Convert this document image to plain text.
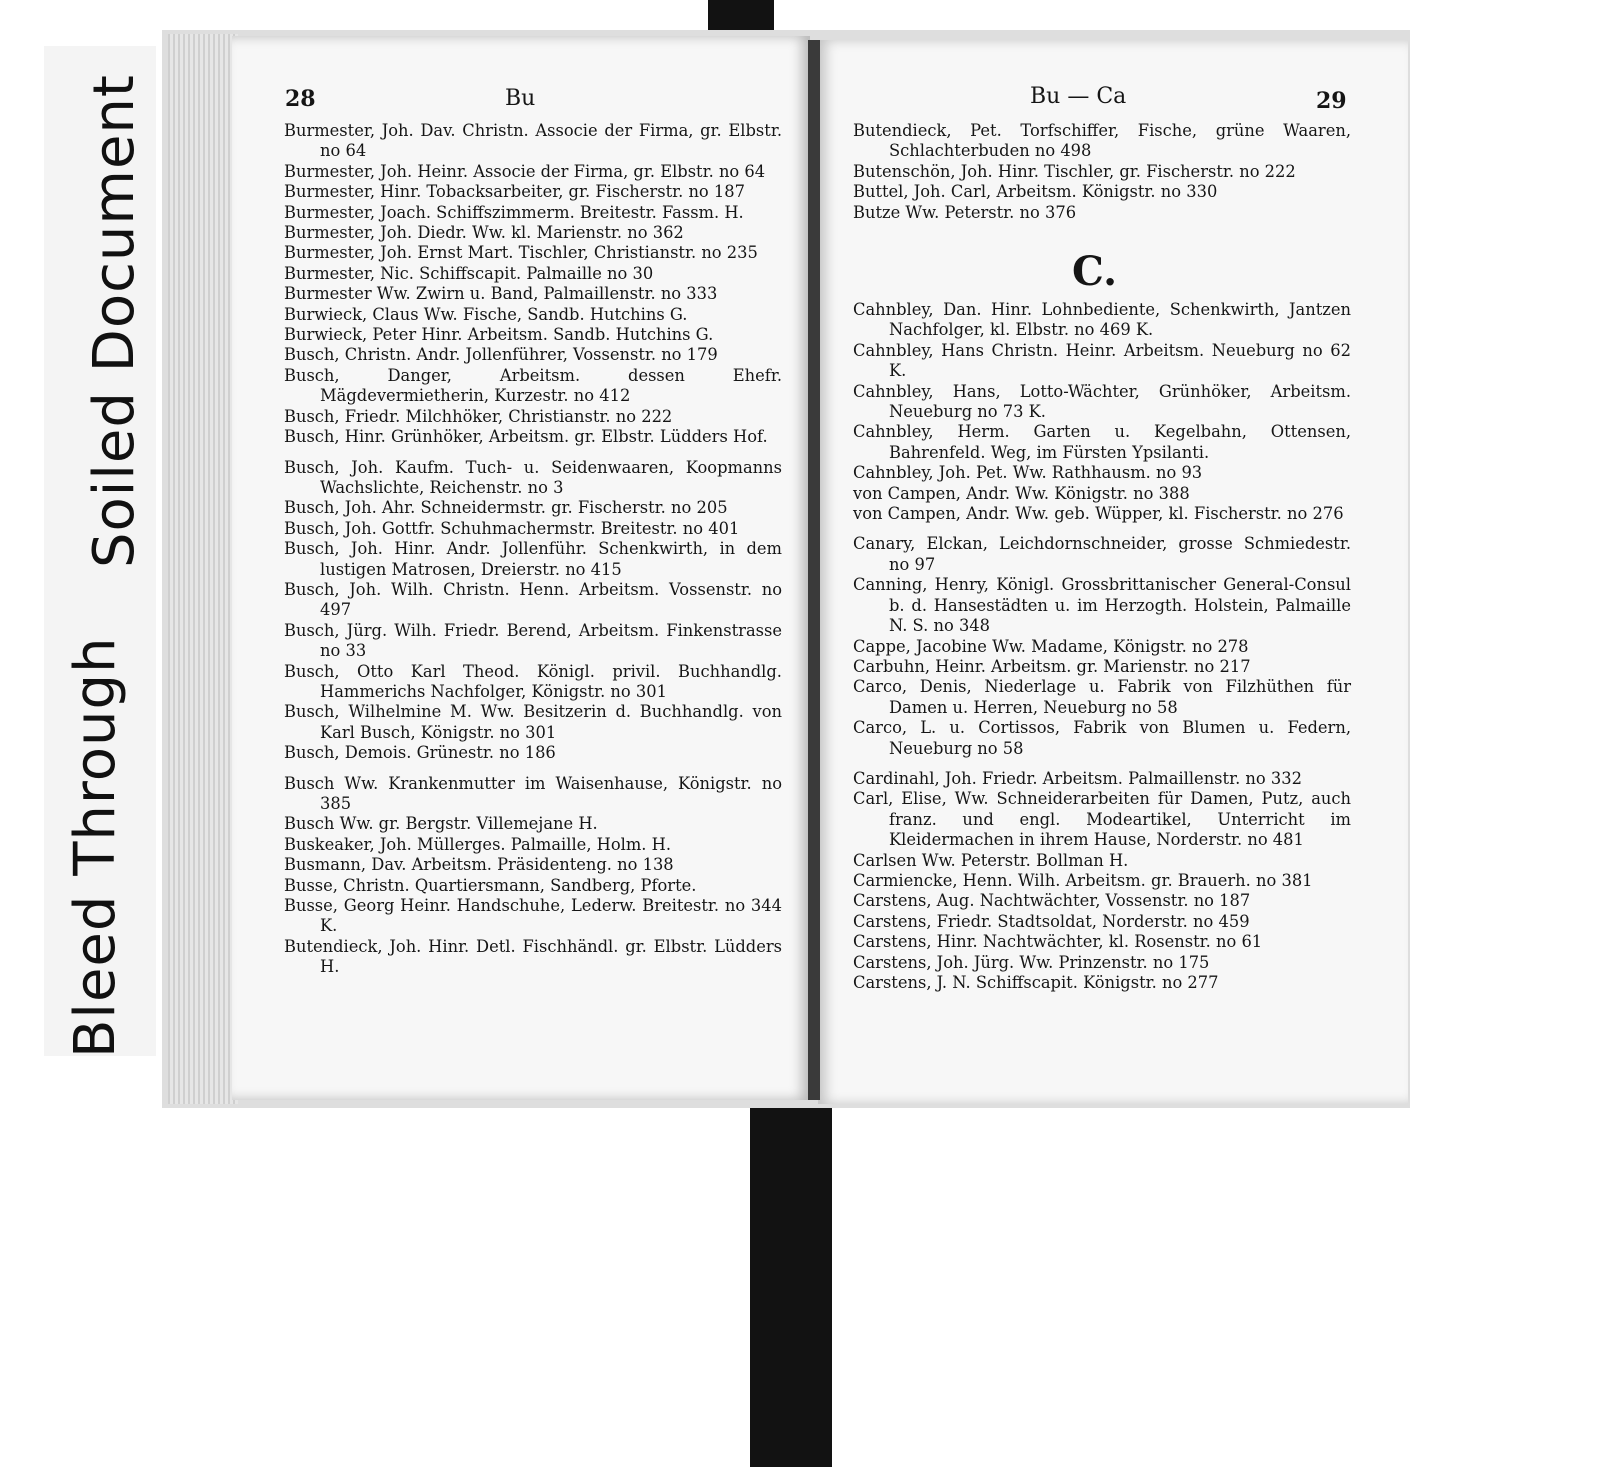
Bleed Through
Soiled Document	28	Bu	Bu — Ca	29
Burmester, Joh. Dav. Christn. Associe der Firma, gr. Elbstr. no 64
Burmester, Joh. Heinr. Associe der Firma, gr. Elbstr. no 64
Burmester, Hinr. Tobacksarbeiter, gr. Fischerstr. no 187
Burmester, Joach. Schiffszimmerm. Breitestr. Fassm. H.
Burmester, Joh. Diedr. Ww. kl. Marienstr. no 362
Burmester, Joh. Ernst Mart. Tischler, Christianstr. no 235
Burmester, Nic. Schiffscapit. Palmaille no 30
Burmester Ww. Zwirn u. Band, Palmaillenstr. no 333
Burwieck, Claus Ww. Fische, Sandb. Hutchins G.
Burwieck, Peter Hinr. Arbeitsm. Sandb. Hutchins G.
Busch, Christn. Andr. Jollenführer, Vossenstr. no 179
Busch, Danger, Arbeitsm. dessen Ehefr. Mägdevermietherin, Kurzestr. no 412
Busch, Friedr. Milchhöker, Christianstr. no 222
Busch, Hinr. Grünhöker, Arbeitsm. gr. Elbstr. Lüdders Hof.
Busch, Joh. Kaufm. Tuch- u. Seidenwaaren, Koopmanns Wachslichte, Reichenstr. no 3
Busch, Joh. Ahr. Schneidermstr. gr. Fischerstr. no 205
Busch, Joh. Gottfr. Schuhmachermstr. Breitestr. no 401
Busch, Joh. Hinr. Andr. Jollenführ. Schenkwirth, in dem lustigen Matrosen, Dreierstr. no 415
Busch, Joh. Wilh. Christn. Henn. Arbeitsm. Vossenstr. no 497
Busch, Jürg. Wilh. Friedr. Berend, Arbeitsm. Finkenstrasse no 33
Busch, Otto Karl Theod. Königl. privil. Buchhandlg. Hammerichs Nachfolger, Königstr. no 301
Busch, Wilhelmine M. Ww. Besitzerin d. Buchhandlg. von Karl Busch, Königstr. no 301
Busch, Demois. Grünestr. no 186
Busch Ww. Krankenmutter im Waisenhause, Königstr. no 385
Busch Ww. gr. Bergstr. Villemejane H.
Buskeaker, Joh. Müllerges. Palmaille, Holm. H.
Busmann, Dav. Arbeitsm. Präsidenteng. no 138
Busse, Christn. Quartiersmann, Sandberg, Pforte.
Busse, Georg Heinr. Handschuhe, Lederw. Breitestr. no 344 K.
Butendieck, Joh. Hinr. Detl. Fischhändl. gr. Elbstr. Lüdders H.
Butendieck, Pet. Torfschiffer, Fische, grüne Waaren, Schlachterbuden no 498
Butenschön, Joh. Hinr. Tischler, gr. Fischerstr. no 222
Buttel, Joh. Carl, Arbeitsm. Königstr. no 330
Butze Ww. Peterstr. no 376
C.
Cahnbley, Dan. Hinr. Lohnbediente, Schenkwirth, Jantzen Nachfolger, kl. Elbstr. no 469 K.
Cahnbley, Hans Christn. Heinr. Arbeitsm. Neueburg no 62 K.
Cahnbley, Hans, Lotto-Wächter, Grünhöker, Arbeitsm. Neueburg no 73 K.
Cahnbley, Herm. Garten u. Kegelbahn, Ottensen, Bahrenfeld. Weg, im Fürsten Ypsilanti.
Cahnbley, Joh. Pet. Ww. Rathhausm. no 93
von Campen, Andr. Ww. Königstr. no 388
von Campen, Andr. Ww. geb. Wüpper, kl. Fischerstr. no 276
Canary, Elckan, Leichdornschneider, grosse Schmiedestr. no 97
Canning, Henry, Königl. Grossbrittanischer General-Consul b. d. Hansestädten u. im Herzogth. Holstein, Palmaille N. S. no 348
Cappe, Jacobine Ww. Madame, Königstr. no 278
Carbuhn, Heinr. Arbeitsm. gr. Marienstr. no 217
Carco, Denis, Niederlage u. Fabrik von Filzhüthen für Damen u. Herren, Neueburg no 58
Carco, L. u. Cortissos, Fabrik von Blumen u. Federn, Neueburg no 58
Cardinahl, Joh. Friedr. Arbeitsm. Palmaillenstr. no 332
Carl, Elise, Ww. Schneiderarbeiten für Damen, Putz, auch franz. und engl. Modeartikel, Unterricht im Kleidermachen in ihrem Hause, Norderstr. no 481
Carlsen Ww. Peterstr. Bollman H.
Carmiencke, Henn. Wilh. Arbeitsm. gr. Brauerh. no 381
Carstens, Aug. Nachtwächter, Vossenstr. no 187
Carstens, Friedr. Stadtsoldat, Norderstr. no 459
Carstens, Hinr. Nachtwächter, kl. Rosenstr. no 61
Carstens, Joh. Jürg. Ww. Prinzenstr. no 175
Carstens, J. N. Schiffscapit. Königstr. no 277
